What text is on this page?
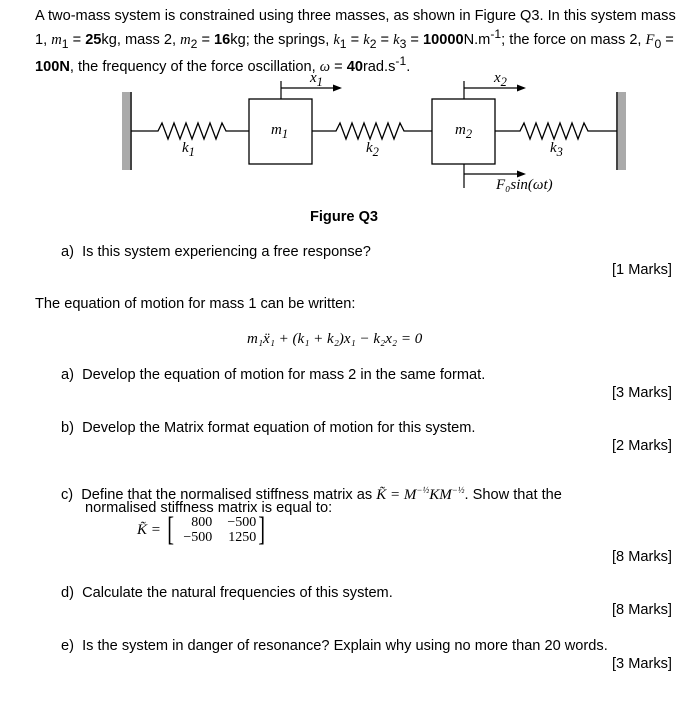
A two-mass system is constrained using three masses, as shown in Figure Q3. In this system mass 1, $m_1 = 25kg$, mass 2, $m_2 = 16kg$; the springs, $k_1 = k_2 = k_3 = 10000N.m^{-1}$; the force on mass 2, $F_0 = 100N$, the frequency of the force oscillation, $\omega = 40rad.s^{-1}$.
$x_1$	$x_2$
$m_1$	$m_2$
$k_1$	$k_2$	$k_3$
F₀sin(ωt)
Figure Q3
a)  Is this system experiencing a free response?
[1 Marks]
The equation of motion for mass 1 can be written:
m₁ẍ₁ + (k₁ + k₂)x₁ − k₂x₂ = 0
a)  Develop the equation of motion for mass 2 in the same format.
[3 Marks]
b)  Develop the Matrix format equation of motion for this system.
[2 Marks]
c)  Define that the normalised stiffness matrix as K̃ = $M^{-\frac{1}{2}}KM^{-\frac{1}{2}}$. Show that the
normalised stiffness matrix is equal to:
K̃ = [	800	−500
−500	1250 ]
[8 Marks]
d)  Calculate the natural frequencies of this system.
[8 Marks]
e)  Is the system in danger of resonance? Explain why using no more than 20 words.
[3 Marks]
